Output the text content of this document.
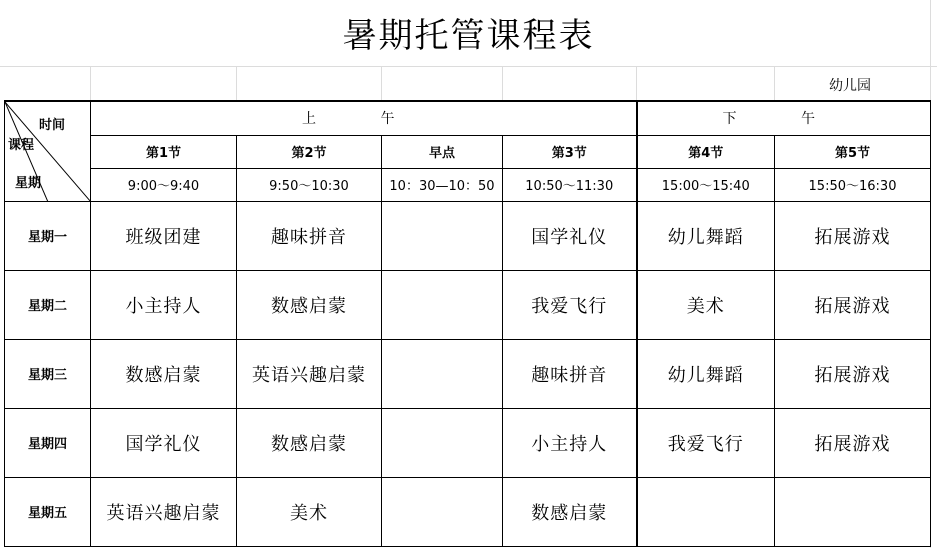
暑期托管课程表
幼儿园
时间
课程
星期	上 午				下 午	
	第1节	第2节	早点	第3节	第4节	第5节
	9:00～9:40	9:50～10:30	10：30—10：50	10:50～11:30	15:00～15:40	15:50～16:30
星期一	班级团建	趣味拼音		国学礼仪	幼儿舞蹈	拓展游戏
星期二	小主持人	数感启蒙		我爱飞行	美术	拓展游戏
星期三	数感启蒙	英语兴趣启蒙		趣味拼音	幼儿舞蹈	拓展游戏
星期四	国学礼仪	数感启蒙		小主持人	我爱飞行	拓展游戏
星期五	英语兴趣启蒙	美术		数感启蒙		
